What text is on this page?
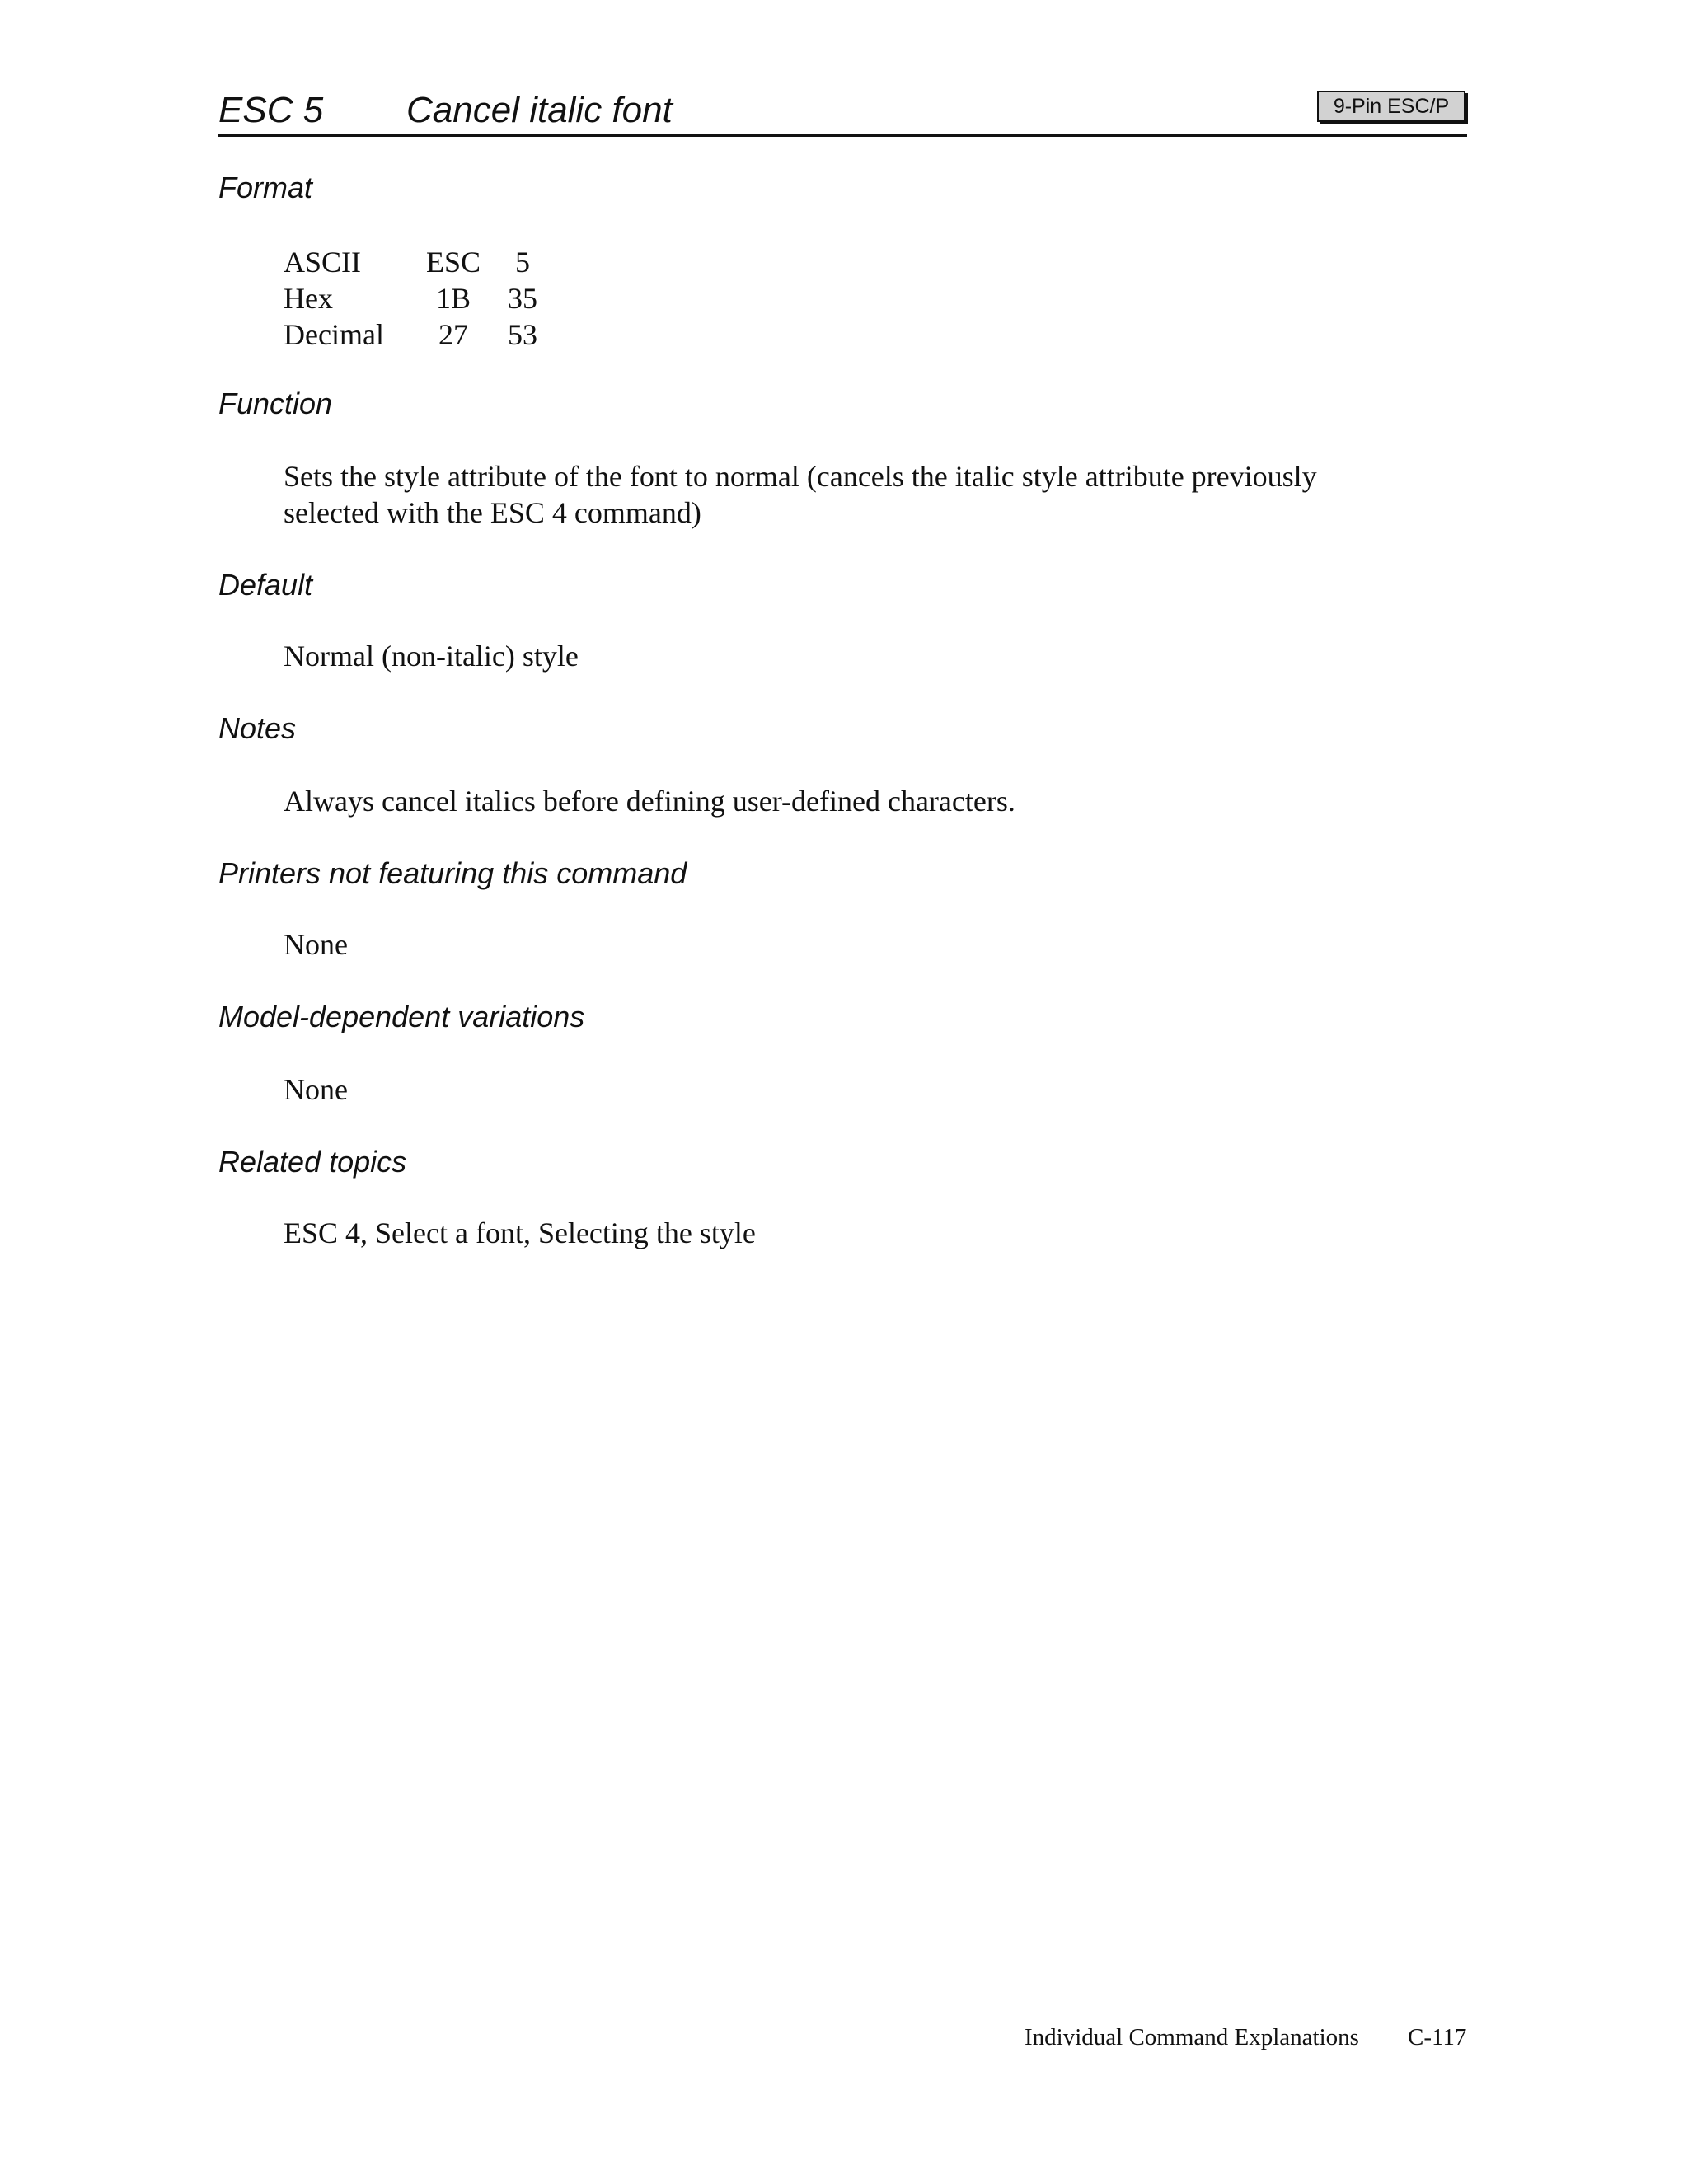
ESC 5 Cancel italic font	9-Pin ESC/P
Format
ASCII	ESC	5
Hex	1B	35
Decimal	27	53
Function
Sets the style attribute of the font to normal (cancels the italic style attribute previously
selected with the ESC 4 command)
Default
Normal (non-italic) style
Notes
Always cancel italics before defining user-defined characters.
Printers not featuring this command
None
Model-dependent variations
None
Related topics
ESC 4, Select a font, Selecting the style
Individual Command Explanations C-117
